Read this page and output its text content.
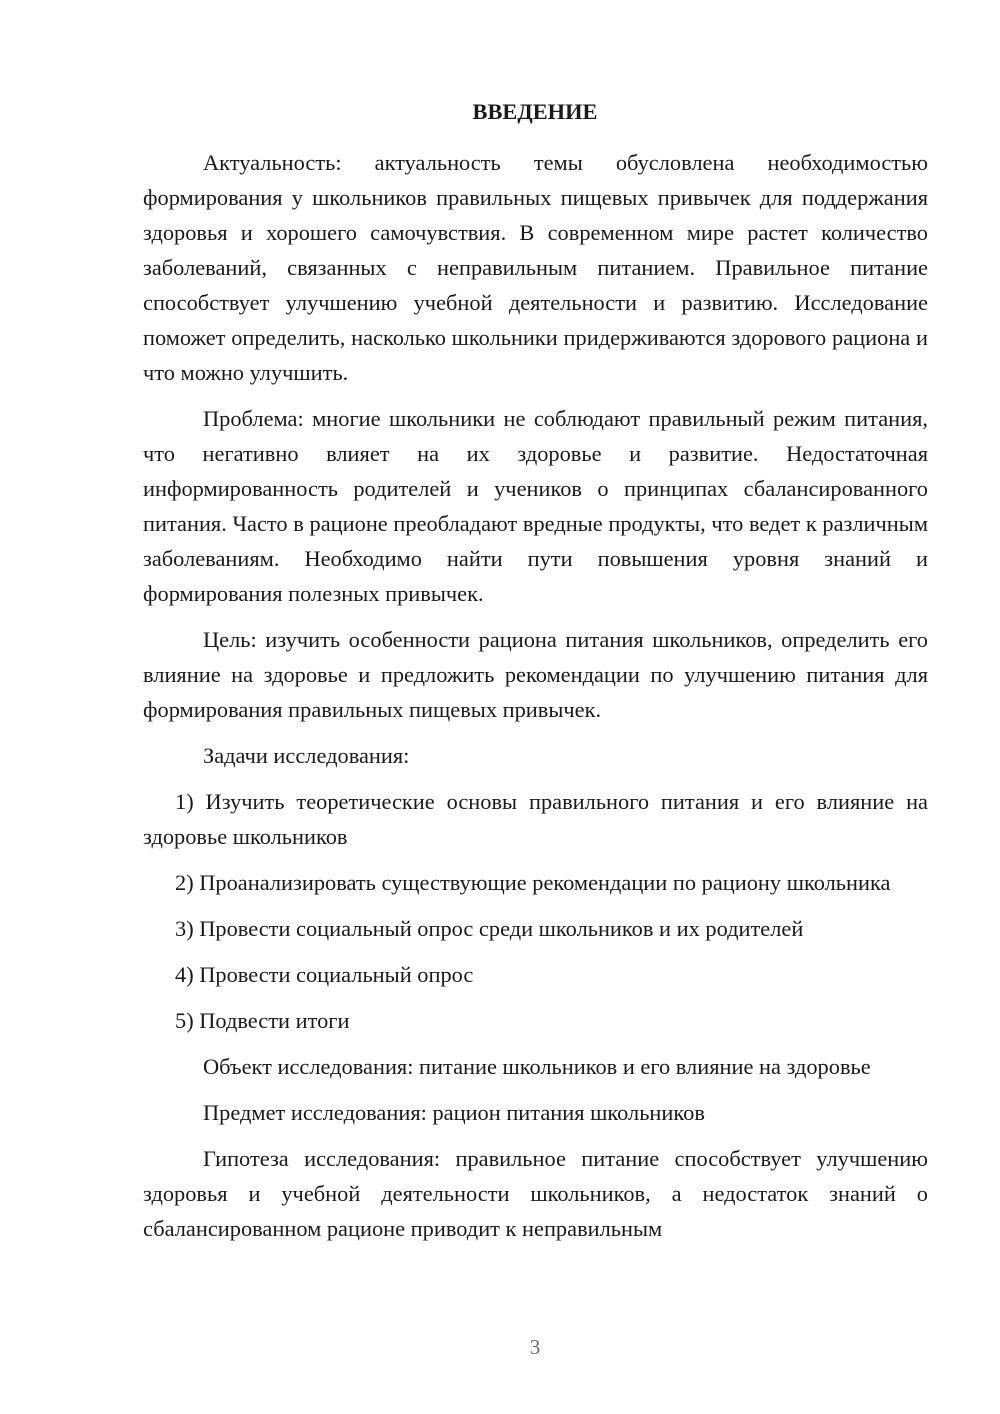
ВВЕДЕНИЕ

Актуальность: актуальность темы обусловлена необходимостью формирования у школьников правильных пищевых привычек для поддержания здоровья и хорошего самочувствия. В современном мире растет количество заболеваний, связанных с неправильным питанием. Правильное питание способствует улучшению учебной деятельности и развитию. Исследование поможет определить, насколько школьники придерживаются здорового рациона и что можно улучшить.

Проблема: многие школьники не соблюдают правильный режим питания, что негативно влияет на их здоровье и развитие. Недостаточная информированность родителей и учеников о принципах сбалансированного питания. Часто в рационе преобладают вредные продукты, что ведет к различным заболеваниям. Необходимо найти пути повышения уровня знаний и формирования полезных привычек.

Цель: изучить особенности рациона питания школьников, определить его влияние на здоровье и предложить рекомендации по улучшению питания для формирования правильных пищевых привычек.

Задачи исследования:

1) Изучить теоретические основы правильного питания и его влияние на здоровье школьников

2) Проанализировать существующие рекомендации по рациону школьника

3) Провести социальный опрос среди школьников и их родителей

4) Провести социальный опрос

5) Подвести итоги

Объект исследования: питание школьников и его влияние на здоровье

Предмет исследования: рацион питания школьников

Гипотеза исследования: правильное питание способствует улучшению здоровья и учебной деятельности школьников, а недостаток знаний о сбалансированном рационе приводит к неправильным

3
